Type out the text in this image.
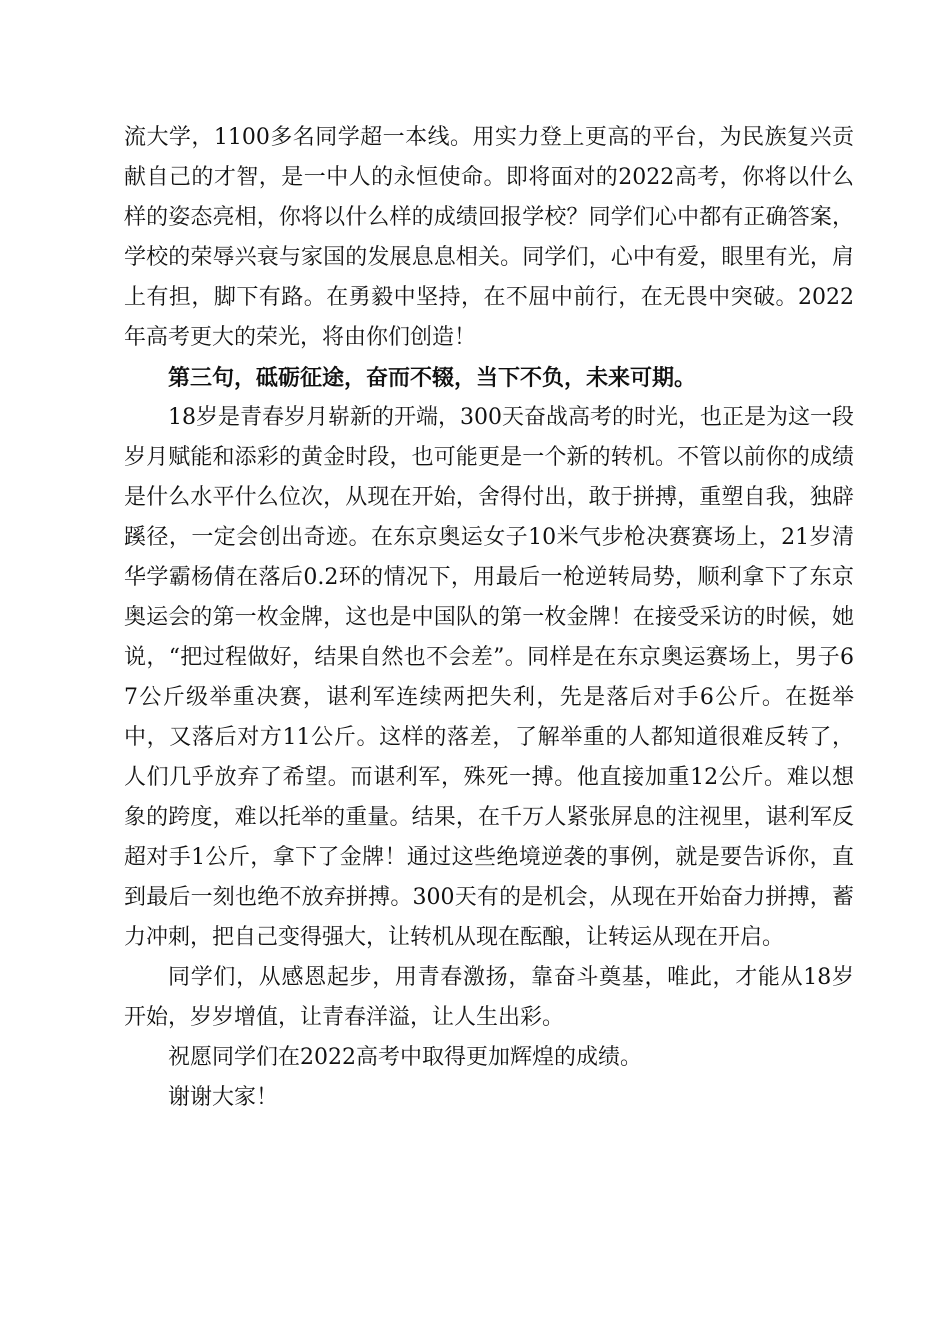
流大学，1100多名同学超一本线。用实力登上更高的平台，为民族复兴贡献自己的才智，是一中人的永恒使命。即将面对的2022高考，你将以什么样的姿态亮相，你将以什么样的成绩回报学校？同学们心中都有正确答案，学校的荣辱兴衰与家国的发展息息相关。同学们，心中有爱，眼里有光，肩上有担，脚下有路。在勇毅中坚持，在不屈中前行，在无畏中突破。2022年高考更大的荣光，将由你们创造！

第三句，砥砺征途，奋而不辍，当下不负，未来可期。

18岁是青春岁月崭新的开端，300天奋战高考的时光，也正是为这一段岁月赋能和添彩的黄金时段，也可能更是一个新的转机。不管以前你的成绩是什么水平什么位次，从现在开始，舍得付出，敢于拼搏，重塑自我，独辟蹊径，一定会创出奇迹。在东京奥运女子10米气步枪决赛赛场上，21岁清华学霸杨倩在落后0.2环的情况下，用最后一枪逆转局势，顺利拿下了东京奥运会的第一枚金牌，这也是中国队的第一枚金牌！在接受采访的时候，她说，“把过程做好，结果自然也不会差”。同样是在东京奥运赛场上，男子67公斤级举重决赛，谌利军连续两把失利，先是落后对手6公斤。在挺举中，又落后对方11公斤。这样的落差，了解举重的人都知道很难反转了，人们几乎放弃了希望。而谌利军，殊死一搏。他直接加重12公斤。难以想象的跨度，难以托举的重量。结果，在千万人紧张屏息的注视里，谌利军反超对手1公斤，拿下了金牌！通过这些绝境逆袭的事例，就是要告诉你，直到最后一刻也绝不放弃拼搏。300天有的是机会，从现在开始奋力拼搏，蓄力冲刺，把自己变得强大，让转机从现在酝酿，让转运从现在开启。

同学们，从感恩起步，用青春激扬，靠奋斗奠基，唯此，才能从18岁开始，岁岁增值，让青春洋溢，让人生出彩。

祝愿同学们在2022高考中取得更加辉煌的成绩。

谢谢大家！
